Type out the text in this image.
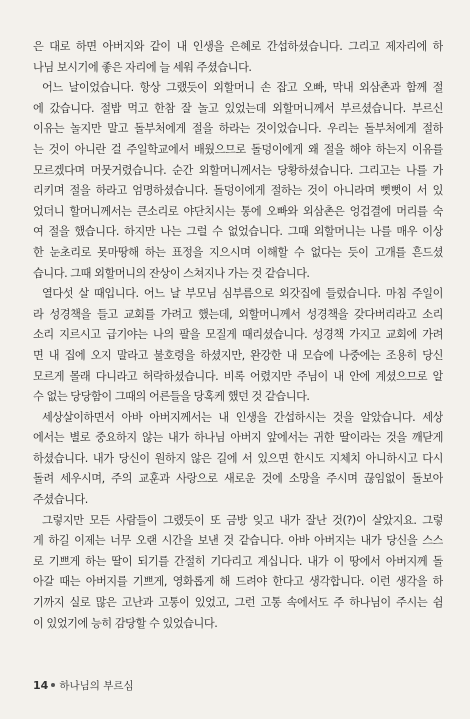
은 대로 하면 아버지와 같이 내 인생을 은혜로 간섭하셨습니다. 그리고 제자리에 하
나님 보시기에 좋은 자리에 늘 세워 주셨습니다.
어느 날이었습니다. 항상 그랬듯이 외할머니 손 잡고 오빠, 막내 외삼촌과 함께 절
에 갔습니다. 절밥 먹고 한참 잘 놀고 있었는데 외할머니께서 부르셨습니다. 부르신
이유는 놀지만 말고 돌부처에게 절을 하라는 것이었습니다. 우리는 돌부처에게 절하
는 것이 아니란 걸 주일학교에서 배웠으므로 돌덩이에게 왜 절을 해야 하는지 이유를
모르겠다며 머뭇거렸습니다. 순간 외할머니께서는 당황하셨습니다. 그리고는 나를 가
리키며 절을 하라고 엄명하셨습니다. 돌덩이에게 절하는 것이 아니라며 뻣뻣이 서 있
었더니 할머니께서는 큰소리로 야단치시는 통에 오빠와 외삼촌은 엉겁결에 머리를 숙
여 절을 했습니다. 하지만 나는 그럴 수 없었습니다. 그때 외할머니는 나를 매우 이상
한 눈초리로 못마땅해 하는 표정을 지으시며 이해할 수 없다는 듯이 고개를 흔드셨
습니다. 그때 외할머니의 잔상이 스쳐지나 가는 것 같습니다.
열다섯 살 때입니다. 어느 날 부모님 심부름으로 외갓집에 들렀습니다. 마침 주일이
라 성경책을 들고 교회를 가려고 했는데, 외할머니께서 성경책을 갖다버리라고 소리
소리 지르시고 급기야는 나의 팔을 모질게 때리셨습니다. 성경책 가지고 교회에 가려
면 내 집에 오지 말라고 불호령을 하셨지만, 완강한 내 모습에 나중에는 조용히 당신
모르게 몰래 다니라고 허락하셨습니다. 비록 어렸지만 주님이 내 안에 계셨으므로 알
수 없는 당당함이 그때의 어른들을 당혹케 했던 것 같습니다.
세상살이하면서 아바 아버지께서는 내 인생을 간섭하시는 것을 알았습니다. 세상
에서는 별로 중요하지 않는 내가 하나님 아버지 앞에서는 귀한 딸이라는 것을 깨닫게
하셨습니다. 내가 당신이 원하지 않은 길에 서 있으면 한시도 지체치 아니하시고 다시
돌려 세우시며, 주의 교훈과 사랑으로 새로운 것에 소망을 주시며 끊임없이 돌보아
주셨습니다.
그렇지만 모든 사람들이 그랬듯이 또 금방 잊고 내가 잘난 것(?)이 살았지요. 그렇
게 하길 이제는 너무 오랜 시간을 보낸 것 같습니다. 아바 아버지는 내가 당신을 스스
로 기쁘게 하는 딸이 되기를 간절히 기다리고 계십니다. 내가 이 땅에서 아버지께 돌
아갈 때는 아버지를 기쁘게, 영화롭게 해 드려야 한다고 생각합니다. 이런 생각을 하
기까지 실로 많은 고난과 고통이 있었고, 그런 고통 속에서도 주 하나님이 주시는 쉼
이 있었기에 능히 감당할 수 있었습니다.
14 하나님의 부르심
